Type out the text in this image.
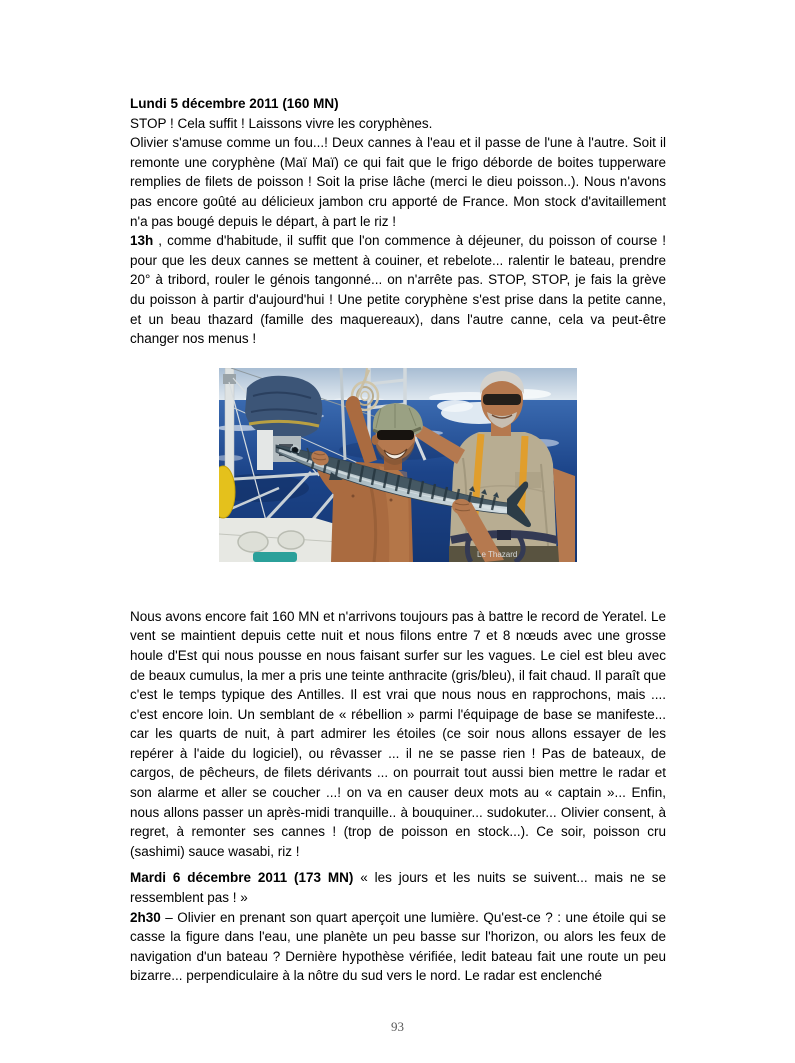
Lundi 5 décembre 2011 (160 MN)

STOP ! Cela suffit ! Laissons vivre les coryphènes.

Olivier s'amuse comme un fou...! Deux cannes à l'eau et il passe de l'une à l'autre. Soit il remonte une coryphène (Maï Maï) ce qui fait que le frigo déborde de boites tupperware remplies de filets de poisson ! Soit la prise lâche (merci le dieu poisson..). Nous n'avons pas encore goûté au délicieux jambon cru apporté de France. Mon stock d'avitaillement n'a pas bougé depuis le départ, à part le riz !

13h , comme d'habitude, il suffit que l'on commence à déjeuner, du poisson of course ! pour que les deux cannes se mettent à couiner, et rebelote... ralentir le bateau, prendre 20° à tribord, rouler le génois tangonné... on n'arrête pas. STOP, STOP, je fais la grève du poisson à partir d'aujourd'hui ! Une petite coryphène s'est prise dans la petite canne, et un beau thazard (famille des maquereaux), dans l'autre canne, cela va peut-être changer nos menus !

Le Thazard

Nous avons encore fait 160 MN et n'arrivons toujours pas à battre le record de Yeratel. Le vent se maintient depuis cette nuit et nous filons entre 7 et 8 nœuds avec une grosse houle d'Est qui nous pousse en nous faisant surfer sur les vagues. Le ciel est bleu avec de beaux cumulus, la mer a pris une teinte anthracite (gris/bleu), il fait chaud. Il paraît que c'est le temps typique des Antilles. Il est vrai que nous nous en rapprochons, mais .... c'est encore loin. Un semblant de « rébellion » parmi l'équipage de base se manifeste... car les quarts de nuit, à part admirer les étoiles (ce soir nous allons essayer de les repérer à l'aide du logiciel), ou rêvasser ... il ne se passe rien ! Pas de bateaux, de cargos, de pêcheurs, de filets dérivants ... on pourrait tout aussi bien mettre le radar et son alarme et aller se coucher ...! on va en causer deux mots au « captain »... Enfin, nous allons passer un après-midi tranquille.. à bouquiner... sudokuter... Olivier consent, à regret, à remonter ses cannes ! (trop de poisson en stock...). Ce soir, poisson cru (sashimi) sauce wasabi, riz !

Mardi 6 décembre 2011 (173 MN) « les jours et les nuits se suivent... mais ne se ressemblent pas ! »

2h30 – Olivier en prenant son quart aperçoit une lumière. Qu'est-ce ? : une étoile qui se casse la figure dans l'eau, une planète un peu basse sur l'horizon, ou alors les feux de navigation d'un bateau ? Dernière hypothèse vérifiée, ledit bateau fait une route un peu bizarre... perpendiculaire à la nôtre du sud vers le nord. Le radar est enclenché

93
